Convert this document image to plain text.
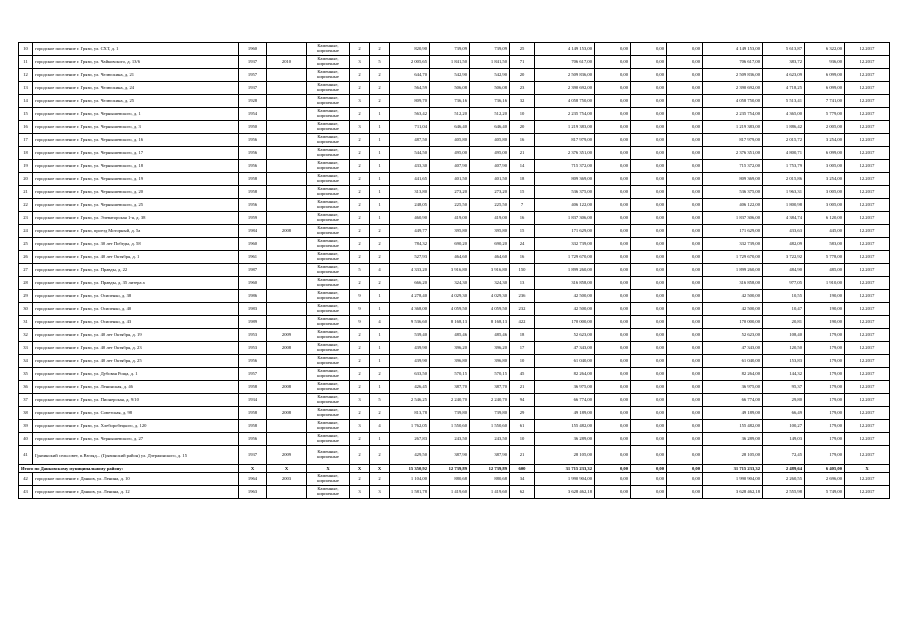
10	городское поселение г. Грязи, ул. СХТ, д. 1	1960		Каменные, кирпичные	2	2	820,90	739,09	739,09	25	4 149 153,00	0,00	0,00	0,00	4 149 153,00	5 613,87	6 322,00	12.2017
11	городское поселение г. Грязи, ул. Чайковского, д. 13/6	1937	2010	Каменные, кирпичные	3	5	2 005,65	1 841,50	1 841,50	71	706 617,00	0,00	0,00	0,00	706 617,00	383,72	936,00	12.2017
12	городское поселение г. Грязи, ул. Челюскина, д. 21	1957		Каменные, кирпичные	2	2	644,70	542,90	542,90	20	2 509 836,00	0,00	0,00	0,00	2 509 836,00	4 623,09	6 099,00	12.2017
13	городское поселение г. Грязи, ул. Челюскина, д. 24	1937		Каменные, кирпичные	2	2	564,59	506,08	506,08	23	2 390 692,00	0,00	0,00	0,00	2 390 692,00	4 718,25	6 099,00	12.2017
14	городское поселение г. Грязи, ул. Челюскина, д. 25	1928		Каменные, кирпичные	3	2	809,70	736,16	736,16	32	4 058 750,00	0,00	0,00	0,00	4 058 750,00	5 513,41	7 741,00	12.2017
15	городское поселение г. Грязи, ул. Чернышевского, д. 1	1954		Каменные, кирпичные	2	1	563,42	512,20	512,20	10	2 235 754,00	0,00	0,00	0,00	2 235 754,00	4 365,00	5 779,00	12.2017
16	городское поселение г. Грязи, ул. Чернышевского, д. 3	1950		Каменные, кирпичные	3	1	711,04	646,40	646,40	20	1 219 383,00	0,00	0,00	0,00	1 219 383,00	1 886,42	2 005,00	12.2017
17	городское поселение г. Грязи, ул. Чернышевского, д. 16	1956		Каменные, кирпичные	2	1	487,50	405,80	405,80	16	817 979,00	0,00	0,00	0,00	817 979,00	2 015,72	3 254,00	12.2017
18	городское поселение г. Грязи, ул. Чернышевского, д. 17	1956		Каменные, кирпичные	2	1	544,50	495,00	495,00	21	2 376 351,00	0,00	0,00	0,00	2 376 351,00	4 800,71	6 099,00	12.2017
19	городское поселение г. Грязи, ул. Чернышевского, д. 18	1956		Каменные, кирпичные	2	1	433,30	407,90	407,90	14	715 372,00	0,00	0,00	0,00	715 372,00	1 753,79	3 005,00	12.2017
20	городское поселение г. Грязи, ул. Чернышевского, д. 19	1958		Каменные, кирпичные	2	1	441,65	401,50	401,50	18	809 369,00	0,00	0,00	0,00	809 369,00	2 015,86	3 254,00	12.2017
21	городское поселение г. Грязи, ул. Чернышевского, д. 20	1958		Каменные, кирпичные	2	1	313,80	273,20	273,20	15	536 375,00	0,00	0,00	0,00	536 375,00	1 963,31	3 005,00	12.2017
22	городское поселение г. Грязи, ул. Чернышевского, д. 25	1956		Каменные, кирпичные	2	1	248,05	225,50	225,50	7	406 122,00	0,00	0,00	0,00	406 122,00	1 800,98	3 005,00	12.2017
23	городское поселение г. Грязи, ул. Элеваторская 1-я, д. 38	1959		Каменные, кирпичные	2	1	460,90	419,00	419,00	16	1 837 306,00	0,00	0,00	0,00	1 837 306,00	4 384,74	6 120,00	12.2017
24	городское поселение г. Грязи, проезд Моторный, д. 5а	1984	2008	Каменные, кирпичные	2	2	449,77	395,80	395,80	15	171 629,00	0,00	0,00	0,00	171 629,00	433,63	445,00	12.2017
25	городское поселение г. Грязи, ул. 30 лет Победы, д. 58	1960		Каменные, кирпичные	2	2	784,32	690,20	690,20	24	332 739,00	0,00	0,00	0,00	332 739,00	482,09	583,00	12.2017
26	городское поселение г. Грязи, ул. 40 лет Октября, д. 1	1961		Каменные, кирпичные	2	2	527,93	464,60	464,60	16	1 729 670,00	0,00	0,00	0,00	1 729 670,00	3 722,92	5 778,00	12.2017
27	городское поселение г. Грязи, ул. Правды, д. 22	1987		Каменные, кирпичные	5	4	4 333,20	3 916,80	3 916,80	150	1 899 260,00	0,00	0,00	0,00	1 899 260,00	484,90	485,00	12.2017
28	городское поселение г. Грязи, ул. Правды, д. 35 литера а	1960		Каменные, кирпичные	2	2	666,20	324,30	324,30	13	316 858,00	0,00	0,00	0,00	316 858,00	977,05	1 910,00	12.2017
29	городское поселение г. Грязи, ул. Осипенко, д. 38	1986		Каменные, кирпичные	9	1	4 278,40	4 029,30	4 029,30	236	42 500,00	0,00	0,00	0,00	42 500,00	10,55	190,00	12.2017
30	городское поселение г. Грязи, ул. Осипенко, д. 40	1983		Каменные, кирпичные	9	1	4 368,00	4 059,50	4 059,50	232	42 500,00	0,00	0,00	0,00	42 500,00	10,47	190,00	12.2017
31	городское поселение г. Грязи, ул. Осипенко, д. 43	1989		Каменные, кирпичные	9	4	9 536,60	8 168,13	8 168,13	422	170 000,00	0,00	0,00	0,00	170 000,00	20,81	190,00	12.2017
32	городское поселение г. Грязи, ул. 40 лет Октября, д. 19	1953	2009	Каменные, кирпичные	2	1	539,40	485,46	485,46	18	52 623,00	0,00	0,00	0,00	52 623,00	108,40	179,00	12.2017
33	городское поселение г. Грязи, ул. 40 лет Октября, д. 23	1953	2008	Каменные, кирпичные	2	1	439,90	396,20	396,20	17	47 343,00	0,00	0,00	0,00	47 343,00	120,50	179,00	12.2017
34	городское поселение г. Грязи, ул. 40 лет Октября, д. 25	1956		Каменные, кирпичные	2	1	439,90	396,80	396,80	10	61 040,00	0,00	0,00	0,00	61 040,00	153,83	179,00	12.2017
35	городское поселение г. Грязи, ул. Дубовая Роща, д. 1	1957		Каменные, кирпичные	2	2	633,50	570,15	570,15	45	82 264,00	0,00	0,00	0,00	82 264,00	144,32	179,00	12.2017
36	городское поселение г. Грязи, ул. Ленинская, д. 46	1958	2008	Каменные, кирпичные	2	1	426,45	387,70	387,70	21	36 975,00	0,00	0,00	0,00	36 975,00	95,37	179,00	12.2017
37	городское поселение г. Грязи, ул. Пионерская, д. 9/10	1934		Каменные, кирпичные	3	5	2 546,25	2 240,70	2 240,70	94	66 774,00	0,00	0,00	0,00	66 774,00	29,80	179,00	12.2017
38	городское поселение г. Грязи, ул. Советская, д. 98	1958	2008	Каменные, кирпичные	2	2	813,78	739,80	739,80	29	49 189,00	0,00	0,00	0,00	49 189,00	66,49	179,00	12.2017
39	городское поселение г. Грязи, ул. Хлеборобецкого, д. 120	1958		Каменные, кирпичные	3	4	1 762,05	1 550,60	1 550,60	61	155 482,00	0,00	0,00	0,00	155 482,00	100,27	179,00	12.2017
40	городское поселение г. Грязи, ул. Чернышевского, д. 27	1956		Каменные, кирпичные	2	1	267,83	243,50	243,50	10	36 289,00	0,00	0,00	0,00	36 289,00	149,03	179,00	12.2017
41	Грязинский сельсовет, п.Взгляд... (Грязинский район) ул. Дзержинского, д. 15	1937	2009	Каменные, кирпичные	2	2	429,50	387,90	387,90	21	28 105,00	0,00	0,00	0,00	28 105,00	72,45	179,00	12.2017
Итого по Данковскому муниципальному району:		X	X	X	X	X	15 350,92	12 739,89	12 739,89	600	31 715 233,32	0,00	0,00	0,00	31 715 233,32	2 489,64	6 405,00	X
42	городское поселение г. Данков, ул. Ленина, д. 10	1964	2003	Каменные, кирпичные	2	2	1 104,00	880,68	880,68	34	1 990 904,00	0,00	0,00	0,00	1 990 904,00	2 260,55	2 696,00	12.2017
43	городское поселение г. Данков, ул. Ленина, д. 12	1963		Каменные, кирпичные	3	3	1 581,78	1 419,60	1 419,60	62	3 628 462,18	0,00	0,00	0,00	3 628 462,18	2 555,98	5 749,00	12.2017
